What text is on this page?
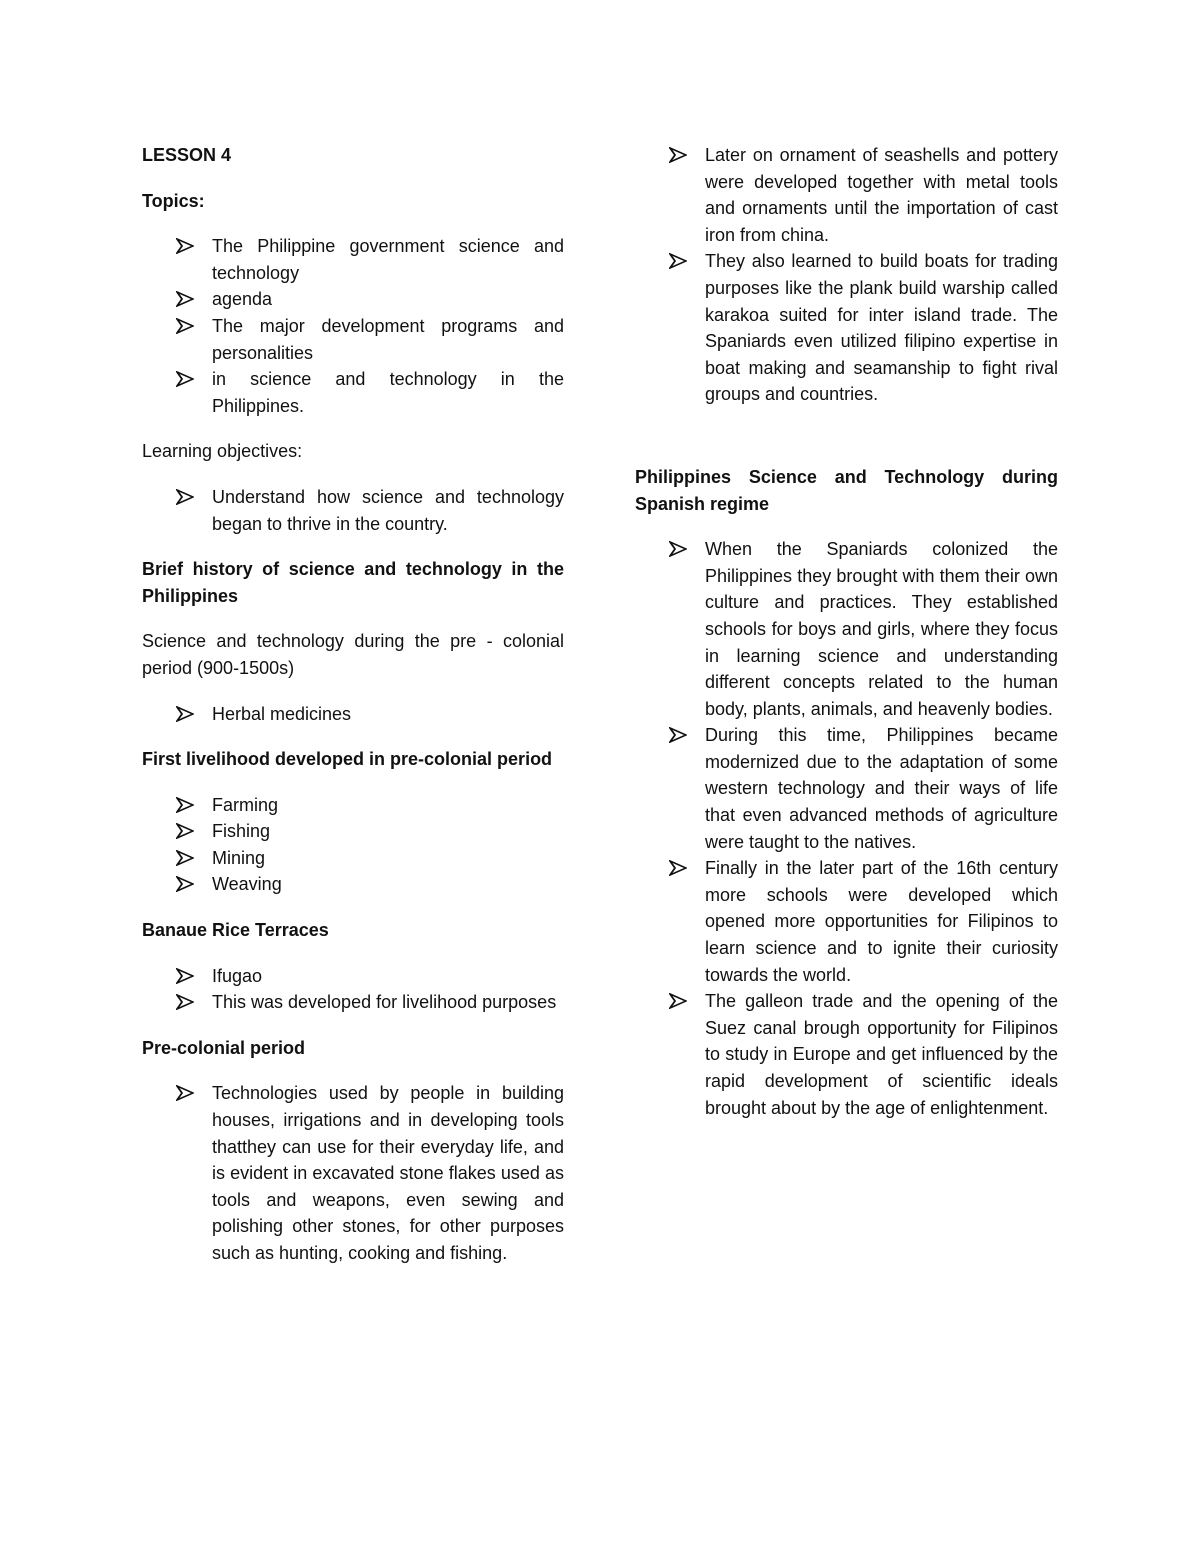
LESSON 4
Topics:
The Philippine government science and technology
agenda
The major development programs and personalities
in science and technology in the Philippines.
Learning objectives:
Understand how science and technology began to thrive in the country.
Brief history of science and technology in the Philippines
Science and technology during the pre - colonial period (900-1500s)
Herbal medicines
First livelihood developed in pre-colonial period
Farming
Fishing
Mining
Weaving
Banaue Rice Terraces
Ifugao
This was developed for livelihood purposes
Pre-colonial period
Technologies used by people in building houses, irrigations and in developing tools thatthey can use for their everyday life, and is evident in excavated stone flakes used as tools and weapons, even sewing and polishing other stones, for other purposes such as hunting, cooking and fishing.
Later on ornament of seashells and pottery were developed together with metal tools and ornaments until the importation of cast iron from china.
They also learned to build boats for trading purposes like the plank build warship called karakoa suited for inter island trade. The Spaniards even utilized filipino expertise in boat making and seamanship to fight rival groups and countries.
Philippines Science and Technology during Spanish regime
When the Spaniards colonized the Philippines they brought with them their own culture and practices. They established schools for boys and girls, where they focus in learning science and understanding different concepts related to the human body, plants, animals, and heavenly bodies.
During this time, Philippines became modernized due to the adaptation of some western technology and their ways of life that even advanced methods of agriculture were taught to the natives.
Finally in the later part of the 16th century more schools were developed which opened more opportunities for Filipinos to learn science and to ignite their curiosity towards the world.
The galleon trade and the opening of the Suez canal brough opportunity for Filipinos to study in Europe and get influenced by the rapid development of scientific ideals brought about by the age of enlightenment.
